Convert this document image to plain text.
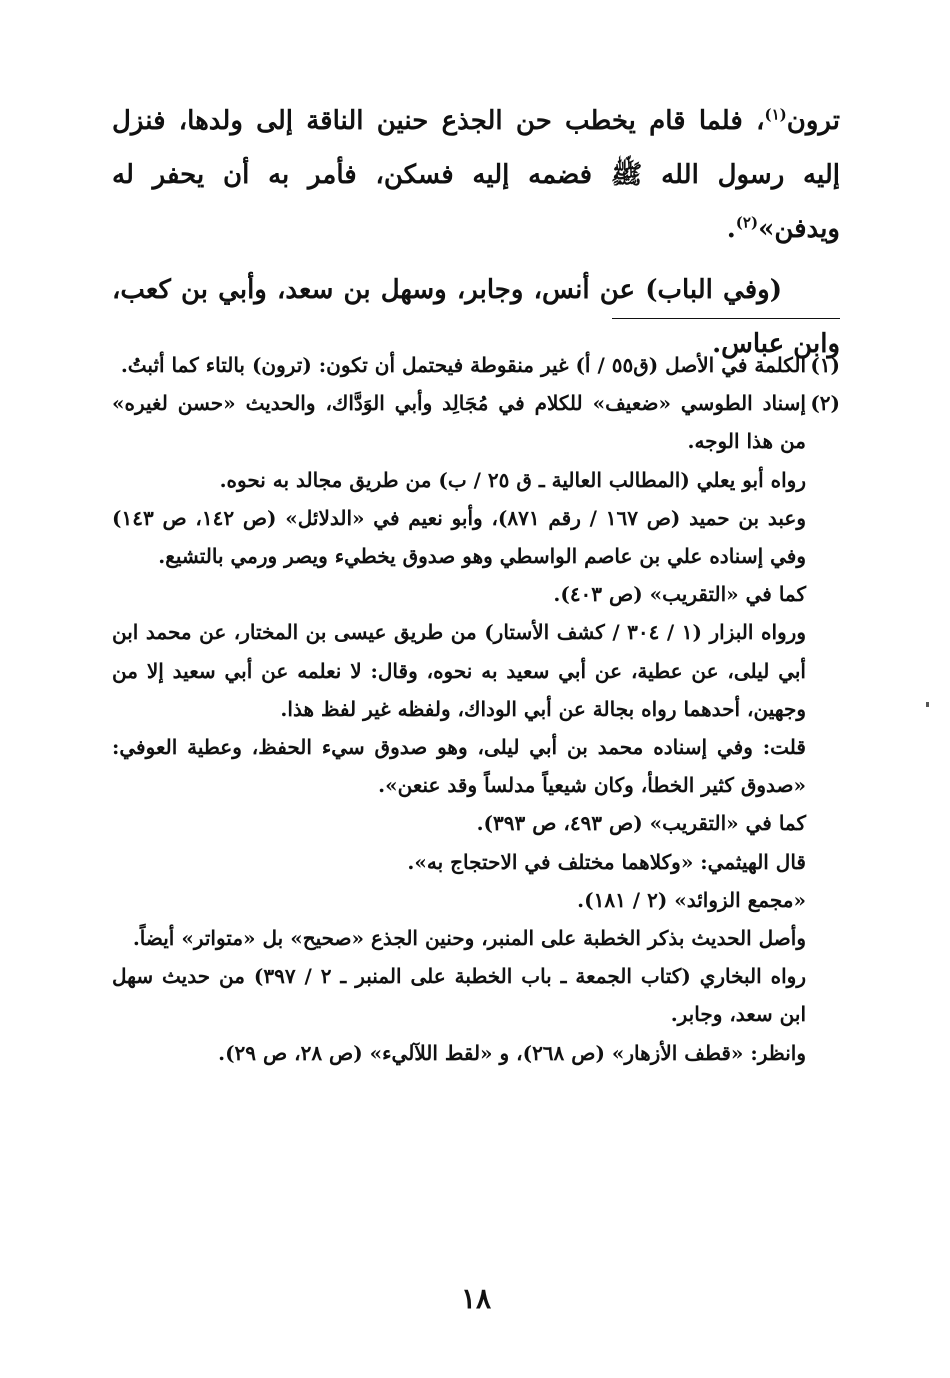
ترون$^{(١)}$، فلما قام يخطب حن الجذع حنين الناقة إلى ولدها، فنزل إليه رسول الله ﷺ فضمه إليه فسكن، فأمر به أن يحفر له ويدفن»$^{(٢)}$.

(وفي الباب) عن أنس، وجابر، وسهل بن سعد، وأبي بن كعب، وابن عباس.

(١)

الكلمة في الأصل (ق٥٥ / أ) غير منقوطة فيحتمل أن تكون: (ترون) بالتاء كما أثبتُ.

(٢)

إسناد الطوسي «ضعيف» للكلام في مُجَالِد وأبي الوَدَّاك، والحديث «حسن لغيره» من هذا الوجه.

رواه أبو يعلي (المطالب العالية ـ ق ٢٥ / ب) من طريق مجالد به نحوه.

وعبد بن حميد (ص ١٦٧ / رقم ٨٧١)، وأبو نعيم في «الدلائل» (ص ١٤٢، ص ١٤٣) وفي إسناده علي بن عاصم الواسطي وهو صدوق يخطيء ويصر ورمي بالتشيع.

كما في «التقريب» (ص ٤٠٣).

ورواه البزار (١ / ٣٠٤ / كشف الأستار) من طريق عيسى بن المختار، عن محمد ابن أبي ليلى، عن عطية، عن أبي سعيد به نحوه، وقال: لا نعلمه عن أبي سعيد إلا من وجهين، أحدهما رواه بجالة عن أبي الوداك، ولفظه غير لفظ هذا.

قلت: وفي إسناده محمد بن أبي ليلى، وهو صدوق سيء الحفظ، وعطية العوفي: «صدوق كثير الخطأ، وكان شيعياً مدلساً وقد عنعن».

كما في «التقريب» (ص ٤٩٣، ص ٣٩٣).

قال الهيثمي: «وكلاهما مختلف في الاحتجاج به».

«مجمع الزوائد» (٢ / ١٨١).

وأصل الحديث بذكر الخطبة على المنبر، وحنين الجذع «صحيح» بل «متواتر» أيضاً.

رواه البخاري (كتاب الجمعة ـ باب الخطبة على المنبر ـ ٢ / ٣٩٧) من حديث سهل ابن سعد، وجابر.

وانظر: «قطف الأزهار» (ص ٢٦٨)، و «لقط اللآليء» (ص ٢٨، ص ٢٩).

١٨
